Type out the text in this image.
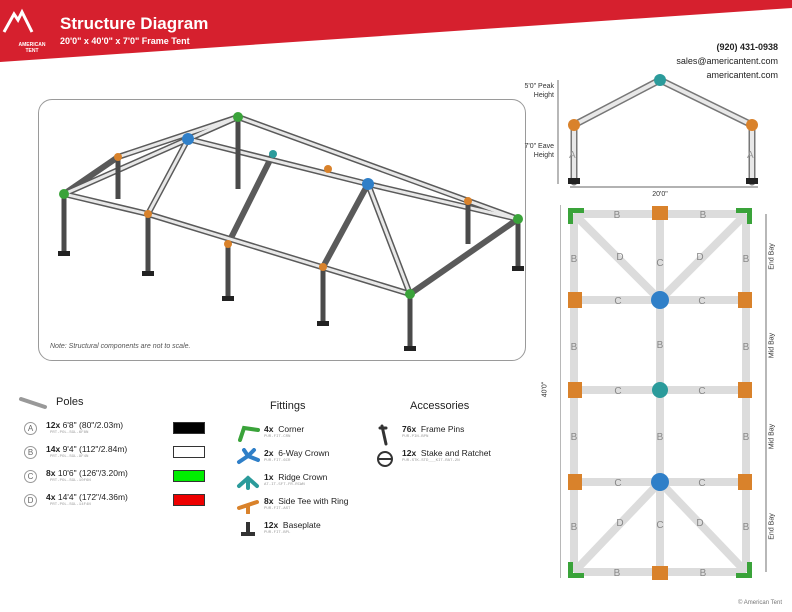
AMERICAN TENT
Structure Diagram
20'0" x 40'0" x 7'0" Frame Tent
(920) 431-0938
sales@americantent.com
americantent.com
Note: Structural components are not to scale.
5'0" Peak Height
7'0" Eave Height A	A
20'0"
40'0"
B	B
B	B
B	B
B	B
B	B
B	B
C
C	C
C	C
C	C
C
D	D
D	D
B
B
End Bay
Mid Bay
Mid Bay
End Bay
Poles
A	12x 6'8" (80"/2.03m)
PRT-POL-SGL-6F8N
B	14x 9'4" (112"/2.84m)
PRT-POL-SGL-9F4N
C	8x 10'6" (126"/3.20m)
PRT-POL-SGL-10F6N
D	4x 14'4" (172"/4.36m)
PRT-POL-SGL-14F4N
Fittings
4x Corner
PUR-FIT-CRN
2x 6-Way Crown
PUR-FIT-6CR
1x Ridge Crown
AT-IT-5FT-FR-RCWN
8x Side Tee with Ring
PUR-FIT-AST
12x Baseplate
PUR-FIT-BPL
Accessories
76x Frame Pins
PUR-PIN-BPN
12x Stake and Ratchet
PUR-STK-STD___KIT-RAT-2N
© American Tent
